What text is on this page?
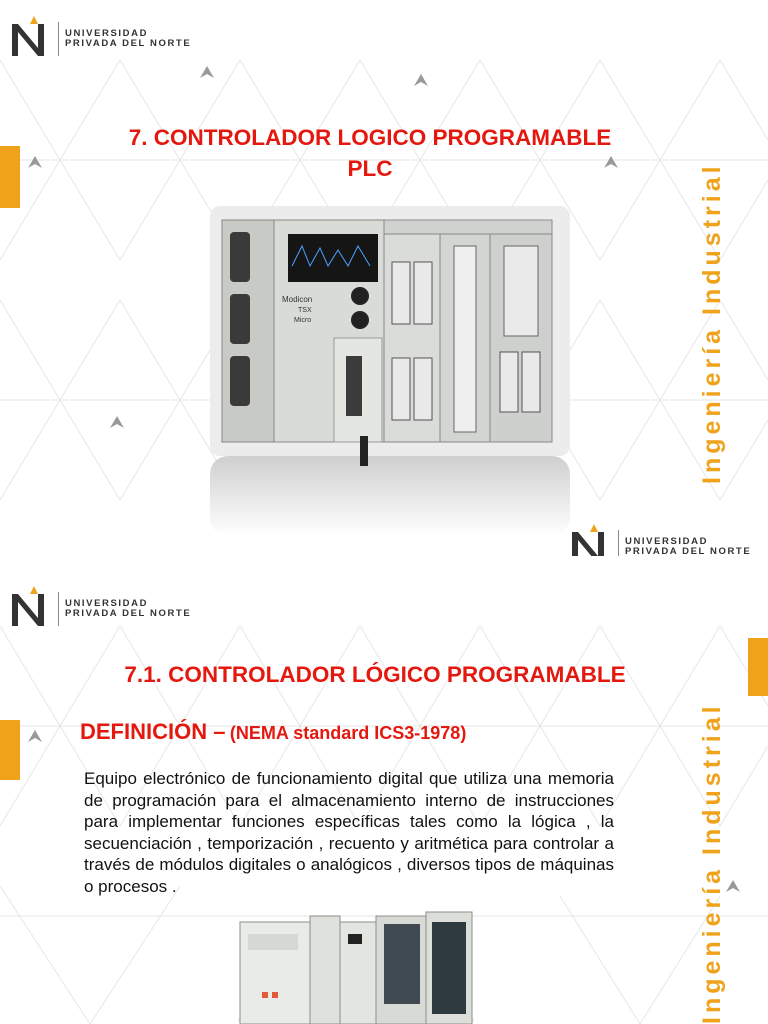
UNIVERSIDAD
PRIVADA DEL NORTE
Ingeniería Industrial
7. CONTROLADOR LOGICO PROGRAMABLE
PLC
Modicon
TSX
Micro
UNIVERSIDAD
PRIVADA DEL NORTE
UNIVERSIDAD
PRIVADA DEL NORTE
Ingeniería Industrial
7.1. CONTROLADOR LÓGICO PROGRAMABLE
DEFINICIÓN – (NEMA standard ICS3-1978)
Equipo electrónico de funcionamiento digital que utiliza una memoria de programación para el almacenamiento interno de instrucciones para implementar funciones específicas tales como la lógica , la secuenciación , temporización , recuento y aritmética para controlar a través de módulos digitales o analógicos , diversos tipos de máquinas o procesos .
